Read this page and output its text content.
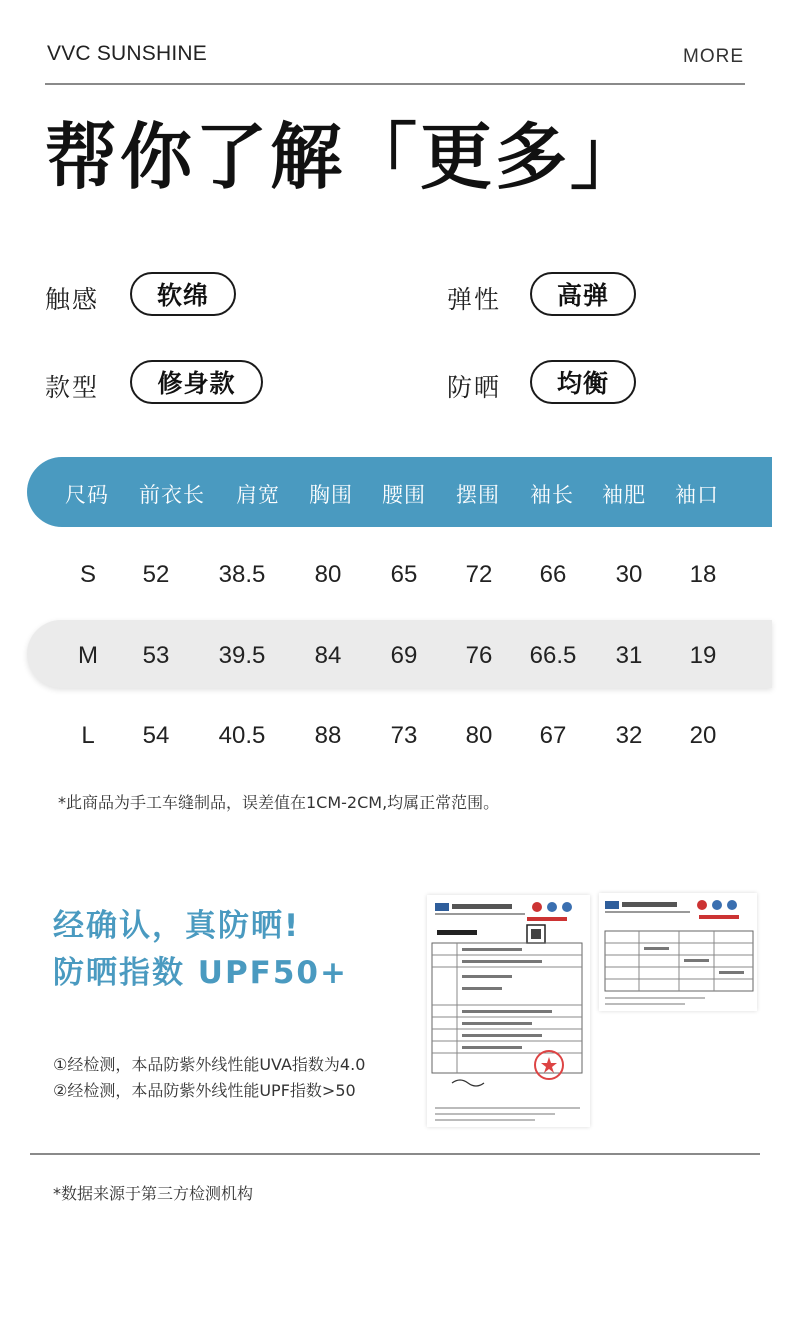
VVC SUNSHINE	MORE
帮你了解「更多」
触感	软绵	弹性	高弹
款型	修身款	防晒	均衡
尺码	前衣长	肩宽	胸围	腰围	摆围	袖长	袖肥	袖口
S	52	38.5	80	65	72	66	30	18
M	53	39.5	84	69	76	66.5	31	19
L	54	40.5	88	73	80	67	32	20
*此商品为手工车缝制品，误差值在1CM-2CM,均属正常范围。
经确认，真防晒!
防晒指数 UPF50+
①经检测，本品防紫外线性能UVA指数为4.0
②经检测，本品防紫外线性能UPF指数>50
*数据来源于第三方检测机构
